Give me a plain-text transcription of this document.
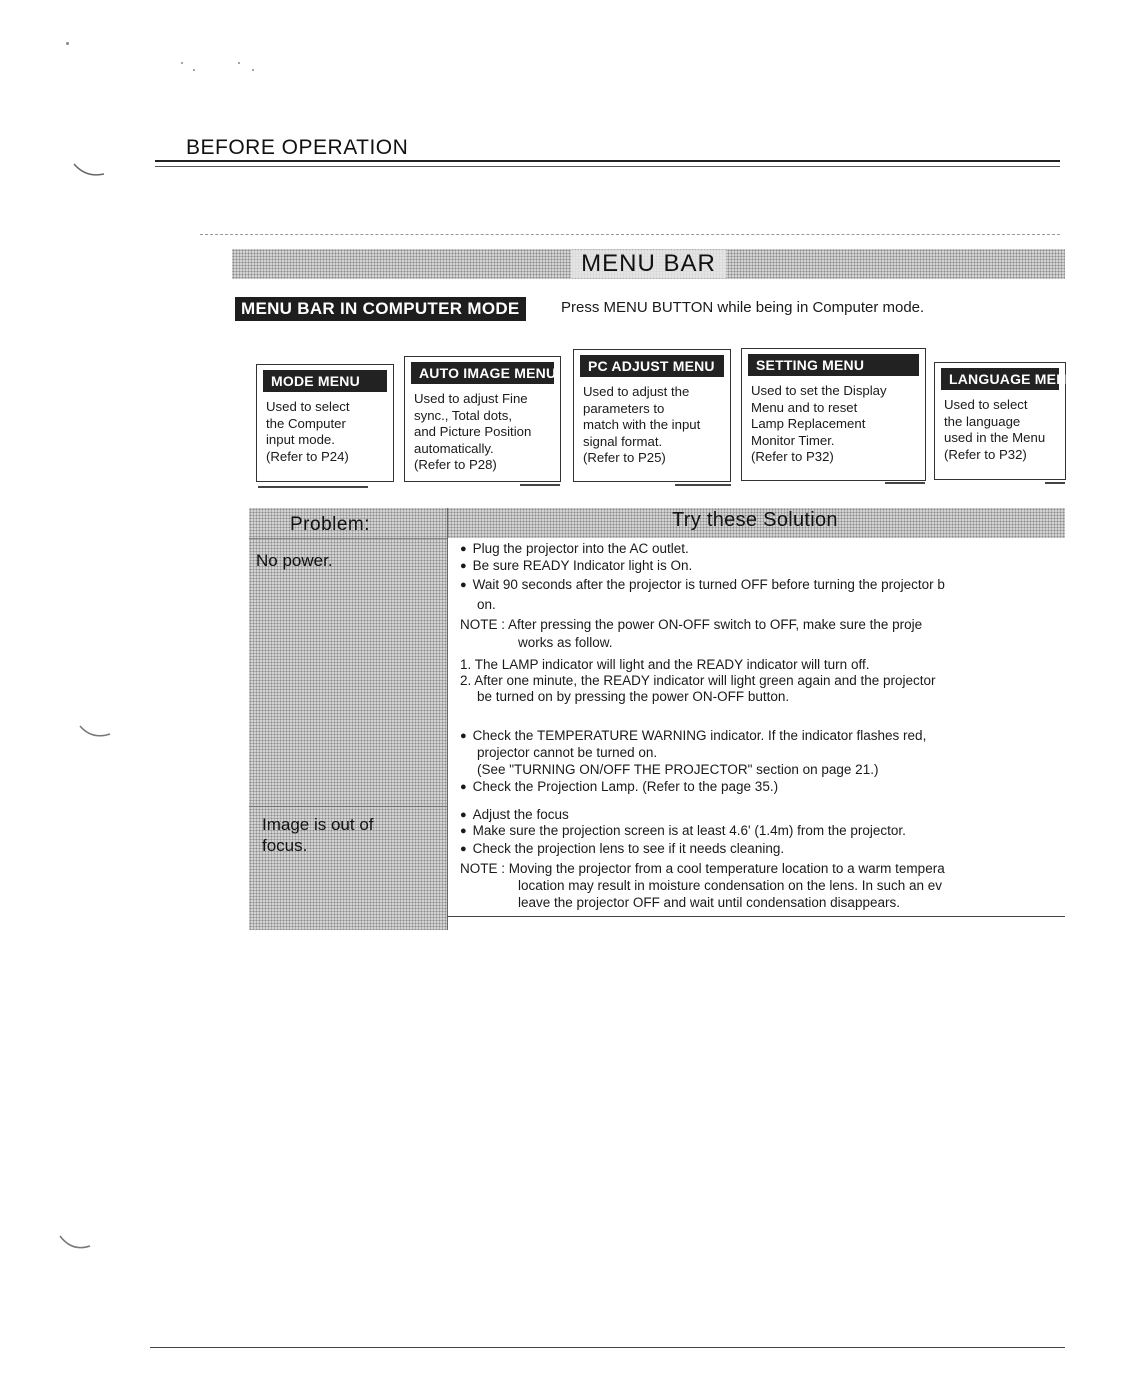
BEFORE OPERATION
MENU BAR
MENU BAR IN COMPUTER MODE	Press MENU BUTTON while being in Computer mode.
MODE MENU
Used to select
the Computer
input mode.
(Refer to P24)
AUTO IMAGE MENU
Used to adjust Fine
sync., Total dots,
and Picture Position
automatically.
(Refer to P28)
PC ADJUST MENU
Used to adjust the
parameters to
match with the input
signal format.
(Refer to P25)
SETTING MENU
Used to set the Display
Menu and to reset
Lamp Replacement
Monitor Timer.
(Refer to P32)
LANGUAGE MENU
Used to select
the language
used in the Menu
(Refer to P32)
Problem:	Try these Solution
No power.
Image is out of focus.
● Plug the projector into the AC outlet.
● Be sure READY Indicator light is On.
● Wait 90 seconds after the projector is turned OFF before turning the projector b
on.
NOTE : After pressing the power ON-OFF switch to OFF, make sure the proje
works as follow.
1. The LAMP indicator will light and the READY indicator will turn off.
2. After one minute, the READY indicator will light green again and the projector
be turned on by pressing the power ON-OFF button.
● Check the TEMPERATURE WARNING indicator. If the indicator flashes red,
projector cannot be turned on.
(See "TURNING ON/OFF THE PROJECTOR" section on page 21.)
● Check the Projection Lamp. (Refer to the page 35.)
● Adjust the focus
● Make sure the projection screen is at least 4.6' (1.4m) from the projector.
● Check the projection lens to see if it needs cleaning.
NOTE : Moving the projector from a cool temperature location to a warm tempera
location may result in moisture condensation on the lens. In such an ev
leave the projector OFF and wait until condensation disappears.
